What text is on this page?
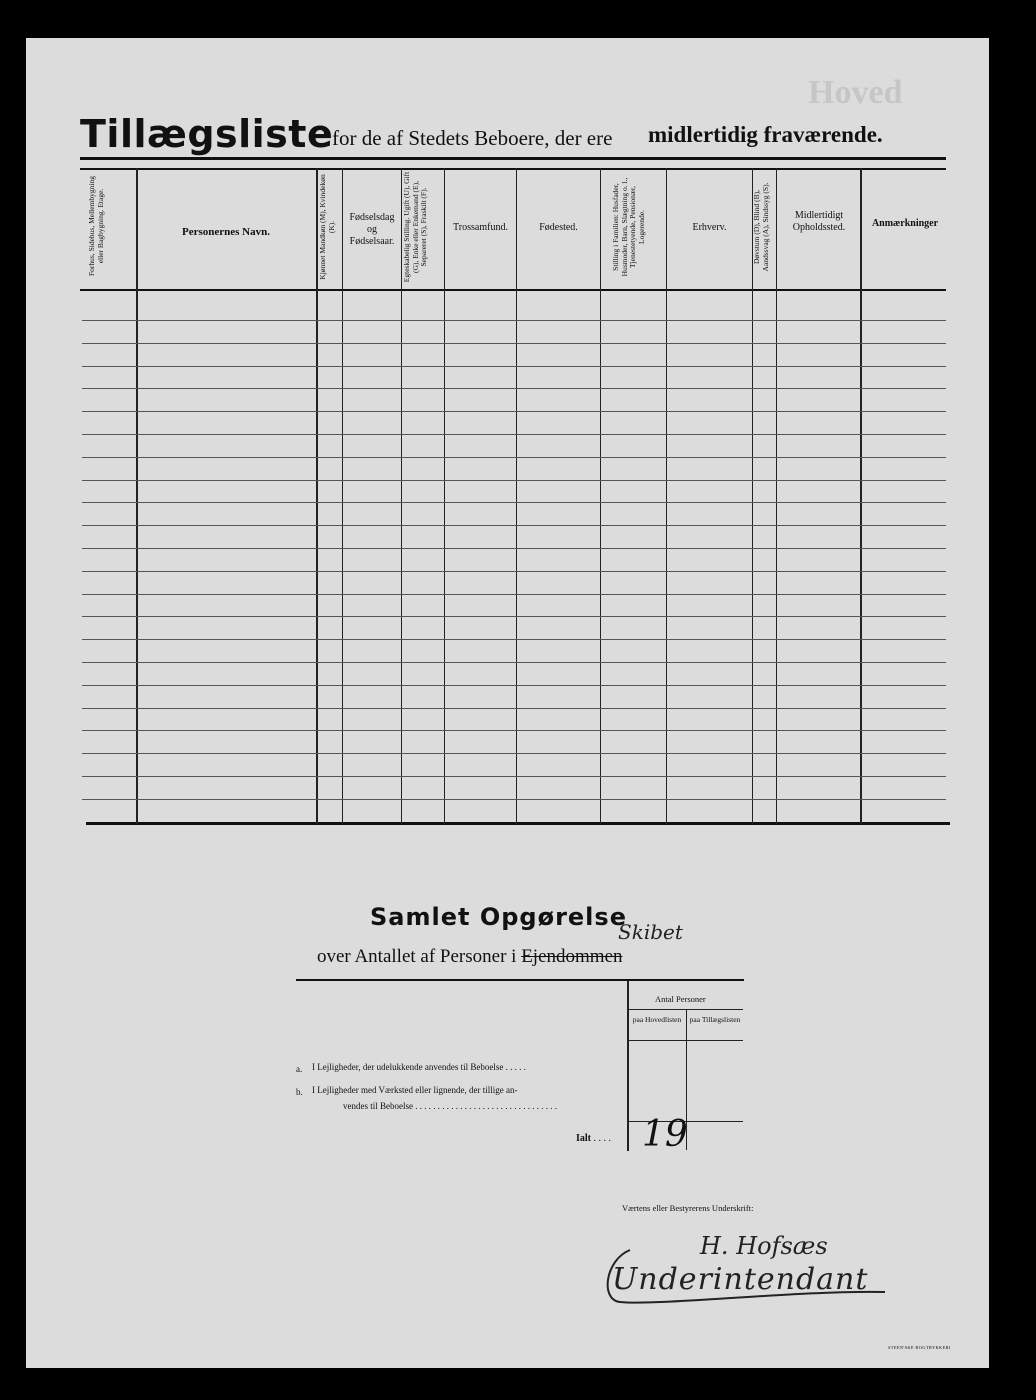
Hoved
Tillægsliste
for de af Stedets Beboere, der ere midlertidig fraværende.
Forhus, Sidehus, Mellembygning eller Bagbygning. Etage.	Personernes Navn.	Kjønnet Mandkøn (M), Kvindekøn (K).
Fødselsdag
og
Fødselsaar.	Egteskabelig Stilling. Ugift (U), Gift (G), Enke eller Enkemand (E), Separeret (S), Fraskilt (F).	Trossamfund.	Fødested.	Stilling i Familien: Husfader, Husmoder, Barn, Slægtning o. l., Tjenestetyende, Pensionær, Logerende.	Erhverv.	Døvstum (D), Blind (B), Aandssvag (A), Sindssyg (S).	Midlertidigt Opholdssted.	Anmærkninger
Samlet Opgørelse
over Antallet af Personer i Ejendommen
Skibet
Antal Personer
paa Hovedlisten	paa Tillægslisten
a. I Lejligheder, der udelukkende anvendes til Beboelse . . . . .
b. I Lejligheder med Værksted eller lignende, der tillige an-
vendes til Beboelse . . . . . . . . . . . . . . . . . . . . . . . . . . . . . . . .
Ialt . . . . 19
Værtens eller Bestyrerens Underskrift:
H. Hofsæs
Underintendant
STEEN'SKE BOGTRYKKERI
